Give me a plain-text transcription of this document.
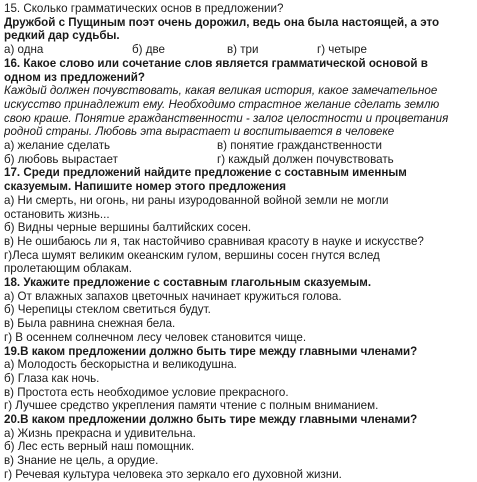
15. Сколько грамматических основ в предложении?
Дружбой с Пущиным поэт очень дорожил, ведь она была настоящей, а это
редкий дар судьбы.
а) одна	б) две	в) три	г) четыре
16. Какое слово или сочетание слов является грамматической основой в
одном из предложений?
Каждый должен почувствовать, какая великая история, какое замечательное
искусство принадлежит ему. Необходимо страстное желание сделать землю
свою краше. Понятие гражданственности - залог целостности и процветания
родной страны. Любовь эта вырастает и воспитывается в человеке
а) желание сделать	в) понятие гражданственности
б) любовь вырастает	г) каждый должен почувствовать
17. Среди предложений найдите предложение с составным именным
сказуемым. Напишите номер этого предложения
а) Ни смерть, ни огонь, ни раны изуродованной войной земли не могли
остановить жизнь...
б) Видны черные вершины балтийских сосен.
в) Не ошибаюсь ли я, так настойчиво сравнивая красоту в науке и искусстве?
г)Леса шумят великим океанским гулом, вершины сосен гнутся вслед
пролетающим облакам.
18. Укажите предложение с составным глагольным сказуемым.
а) От влажных запахов цветочных начинает кружиться голова.
б) Черепицы стеклом светиться будут.
в) Была равнина снежная бела.
г) В осеннем солнечном лесу человек становится чище.
19.В каком предложении должно быть тире между главными членами?
а) Молодость бескорыстна и великодушна.
б) Глаза как ночь.
в) Простота есть необходимое условие прекрасного.
г) Лучшее средство укрепления памяти чтение с полным вниманием.
20.В каком предложении должно быть тире между главными членами?
а) Жизнь прекрасна и удивительна.
б) Лес есть верный наш помощник.
в) Знание не цель, а орудие.
г) Речевая культура человека это зеркало его духовной жизни.
